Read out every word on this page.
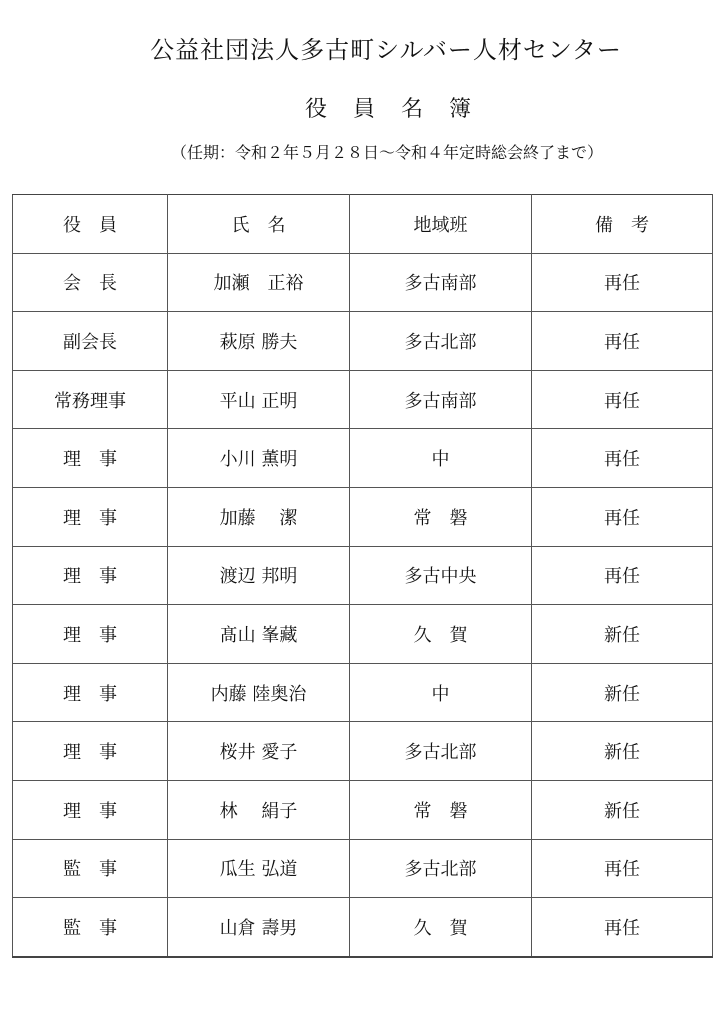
公益社団法人多古町シルバー人材センター
役員名簿
（任期：令和２年５月２８日～令和４年定時総会終了まで）
役　員	氏　名	地域班	備　考
会　長	加瀬　正裕	多古南部	再任
副会長	萩原 勝夫	多古北部	再任
常務理事	平山 正明	多古南部	再任
理　事	小川 薫明	中	再任
理　事	加藤　 潔	常　磐	再任
理　事	渡辺 邦明	多古中央	再任
理　事	髙山 峯藏	久　賀	新任
理　事	内藤 陸奥治	中	新任
理　事	桜井 愛子	多古北部	新任
理　事	林　 絹子	常　磐	新任
監　事	瓜生 弘道	多古北部	再任
監　事	山倉 壽男	久　賀	再任
